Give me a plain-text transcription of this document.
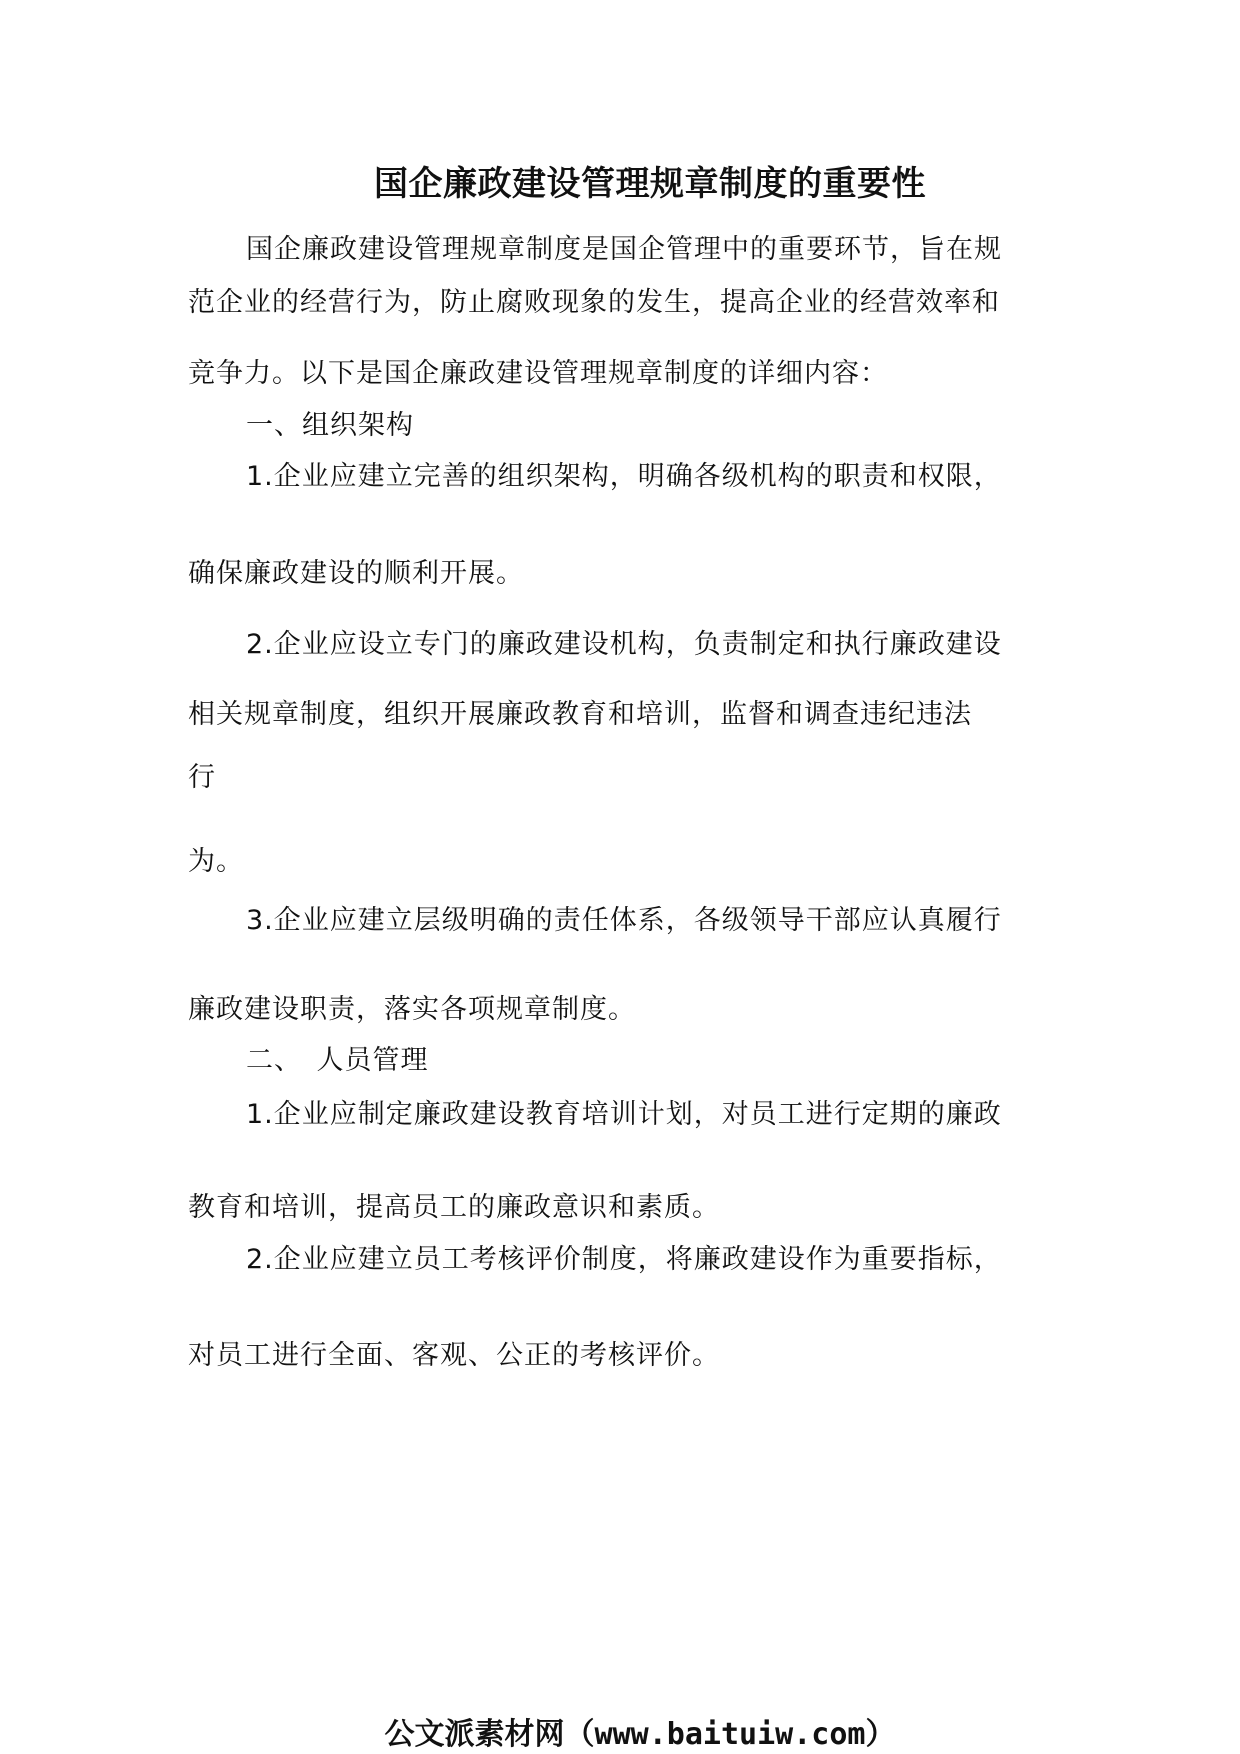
国企廉政建设管理规章制度的重要性
国企廉政建设管理规章制度是国企管理中的重要环节，旨在规
范企业的经营行为，防止腐败现象的发生，提高企业的经营效率和
竞争力。以下是国企廉政建设管理规章制度的详细内容：
一、组织架构
1.企业应建立完善的组织架构，明确各级机构的职责和权限，
确保廉政建设的顺利开展。
2.企业应设立专门的廉政建设机构，负责制定和执行廉政建设
相关规章制度，组织开展廉政教育和培训，监督和调查违纪违法
行
为。
3.企业应建立层级明确的责任体系，各级领导干部应认真履行
廉政建设职责，落实各项规章制度。
二、　人员管理
1.企业应制定廉政建设教育培训计划，对员工进行定期的廉政
教育和培训，提高员工的廉政意识和素质。
2.企业应建立员工考核评价制度，将廉政建设作为重要指标，
对员工进行全面、客观、公正的考核评价。
公文派素材网（www.baituiw.com）
